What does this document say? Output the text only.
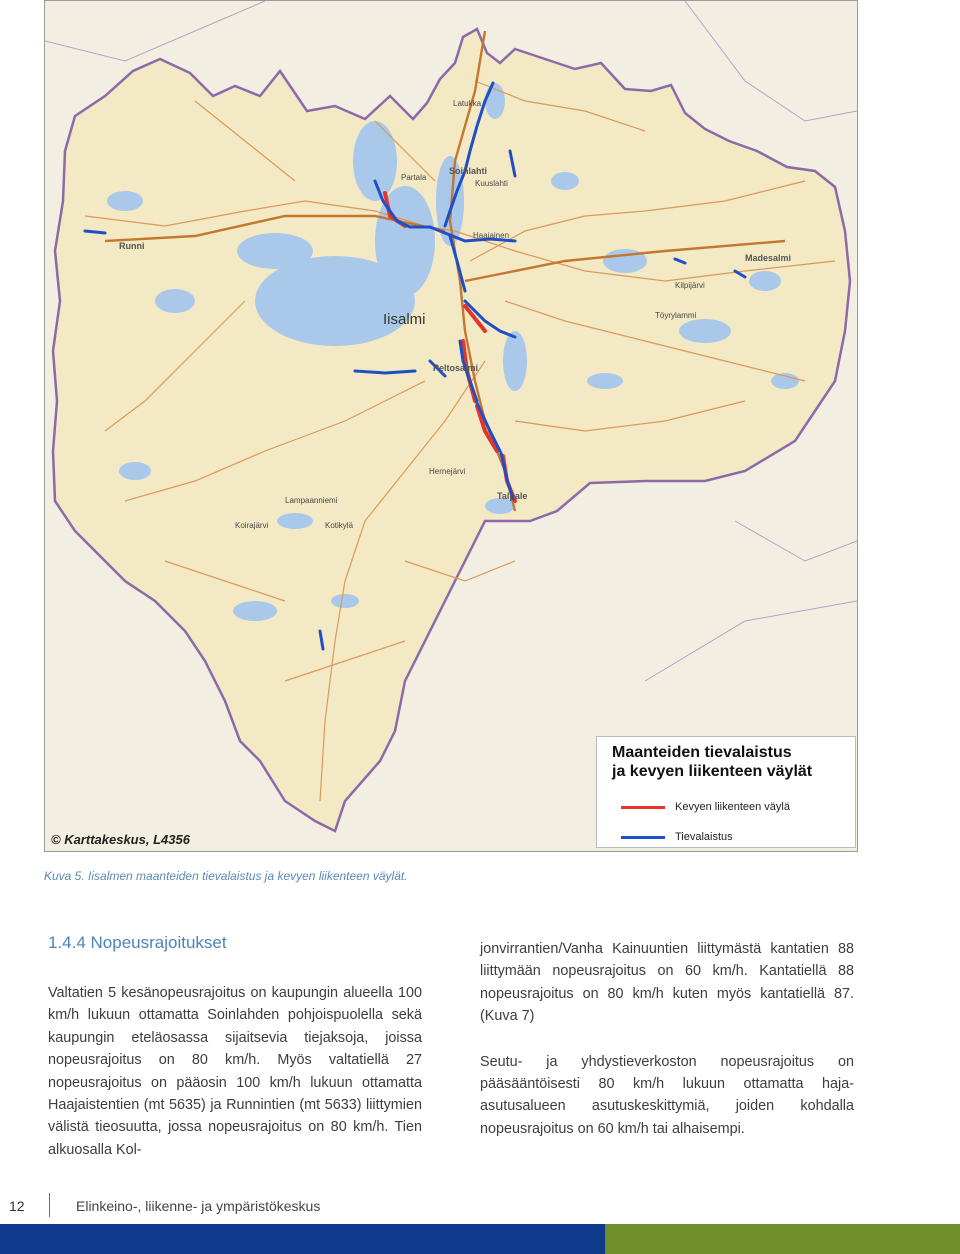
Iisalmi
Peltosalmi
Soinlahti
Runni
Haajainen
Kilpijärvi
Madesalmi
Töyrylammi
Hernejärvi
Talpale
Kuuslahti
Partala
Latukka
Koirajärvi	Kotikylä
Lampaanniemi
© Karttakeskus, L4356
Maanteiden tievalaistus
ja kevyen liikenteen väylät
Kevyen liikenteen väylä
Tievalaistus
Kuva 5. Iisalmen maanteiden tievalaistus ja kevyen liikenteen väylät.
1.4.4 Nopeusrajoitukset

Valtatien 5 kesänopeusrajoitus on kaupungin alueella 100 km/h lukuun ottamatta Soinlahden pohjoispuolella sekä kaupungin eteläosassa sijaitsevia tiejaksoja, joissa nopeusrajoitus on 80 km/h. Myös valtatiellä 27 nopeusrajoitus on pääosin 100 km/h lukuun ottamatta Haajaistentien (mt 5635) ja Runnintien (mt 5633) liittymien välistä tieosuutta, jossa nopeusrajoitus on 80 km/h. Tien alkuosalla Kol-

jonvirrantien/Vanha Kainuuntien liittymästä kantatien 88 liittymään nopeusrajoitus on 60 km/h. Kantatiellä 88 nopeusrajoitus on 80 km/h kuten myös kantatiellä 87. (Kuva 7)

Seutu- ja yhdystieverkoston nopeusrajoitus on pääsääntöisesti 80 km/h lukuun ottamatta haja-asutusalueen asutuskeskittymiä, joiden kohdalla nopeusrajoitus on 60 km/h tai alhaisempi.

12	Elinkeino-, liikenne- ja ympäristökeskus
